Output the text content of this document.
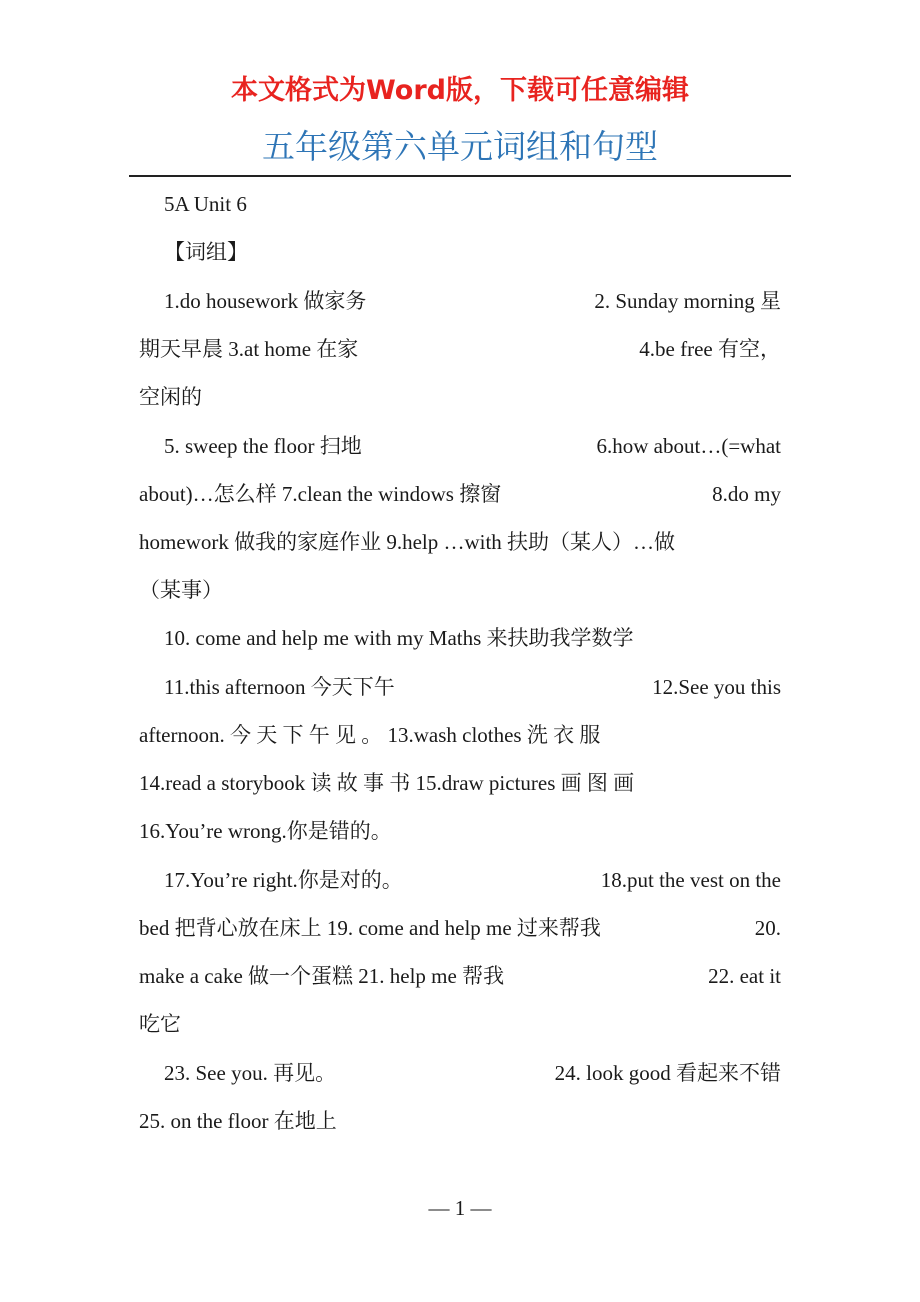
本文格式为Word版，下载可任意编辑
五年级第六单元词组和句型
5A Unit 6
【词组】
1.do housework 做家务	2. Sunday morning 星
期天早晨 3.at home 在家	4.be free 有空，
空闲的
5. sweep the floor 扫地	6.how about…(=what
about)…怎么样 7.clean the windows 擦窗	8.do my
homework 做我的家庭作业 9.help …with 扶助（某人）…做
（某事）
10. come and help me with my Maths 来扶助我学数学
11.this afternoon 今天下午	12.See you this
afternoon. 今 天 下 午 见 。 13.wash clothes 洗 衣 服
14.read a storybook 读 故 事 书 15.draw pictures 画 图 画
16.You’re wrong.你是错的。
17.You’re right.你是对的。	18.put the vest on the
bed 把背心放在床上 19. come and help me 过来帮我	20.
make a cake 做一个蛋糕 21. help me 帮我	22. eat it
吃它
23. See you. 再见。	24. look good 看起来不错
25. on the floor 在地上
— 1 —
